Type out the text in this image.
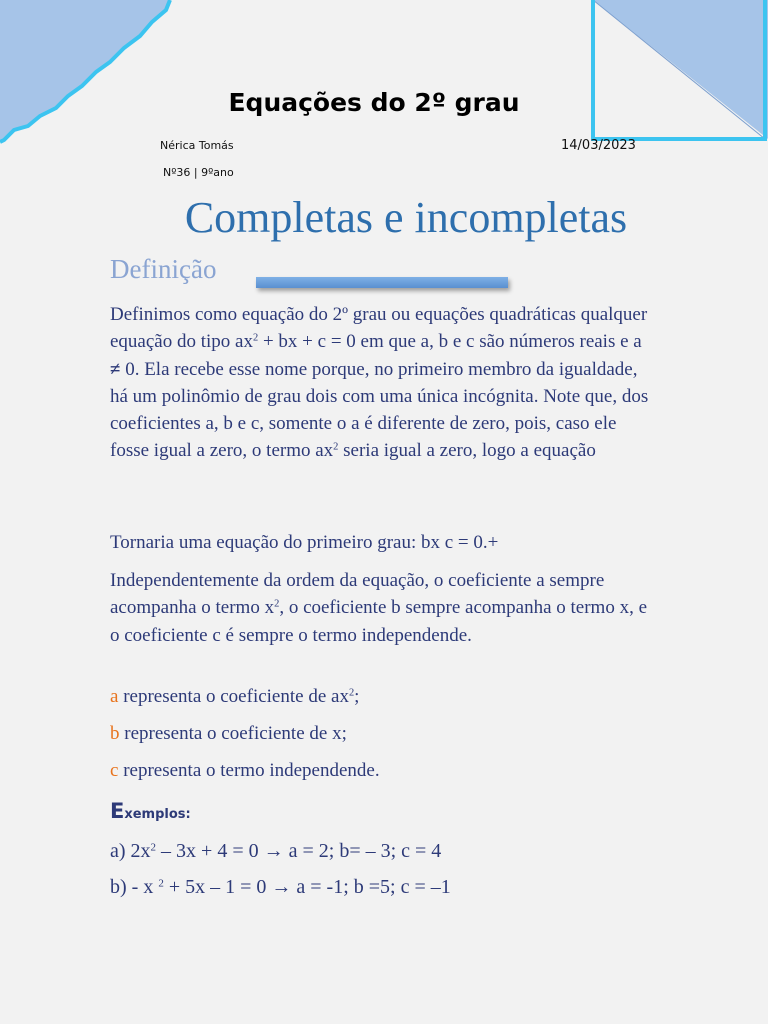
Equações do 2º grau
Nérica Tomás	14/03/2023
Nº36 | 9ºano
Completas e incompletas
Definição
Definimos como equação do 2º grau ou equações quadráticas qualquer equação do tipo $ax^2$ + bx + c = 0 em que a, b e c são números reais e a ≠ 0. Ela recebe esse nome porque, no primeiro membro da igualdade, há um polinômio de grau dois com uma única incógnita. Note que, dos coeficientes a, b e c, somente o a é diferente de zero, pois, caso ele fosse igual a zero, o termo $ax^2$ seria igual a zero, logo a equação
Tornaria uma equação do primeiro grau: bx c = 0.+
Independentemente da ordem da equação, o coeficiente a sempre acompanha o termo $x^2$, o coeficiente b sempre acompanha o termo x, e o coeficiente c é sempre o termo independende.
a representa o coeficiente de $ax^2$;
b representa o coeficiente de x;
c representa o termo independende.
Exemplos:
a) $2x^2 - 3x + 4 = 0 \to a = 2$; b= – 3; c = 4
b) - x $^2$ + 5x – 1 = 0 → a = -1; b =5; c = –1
